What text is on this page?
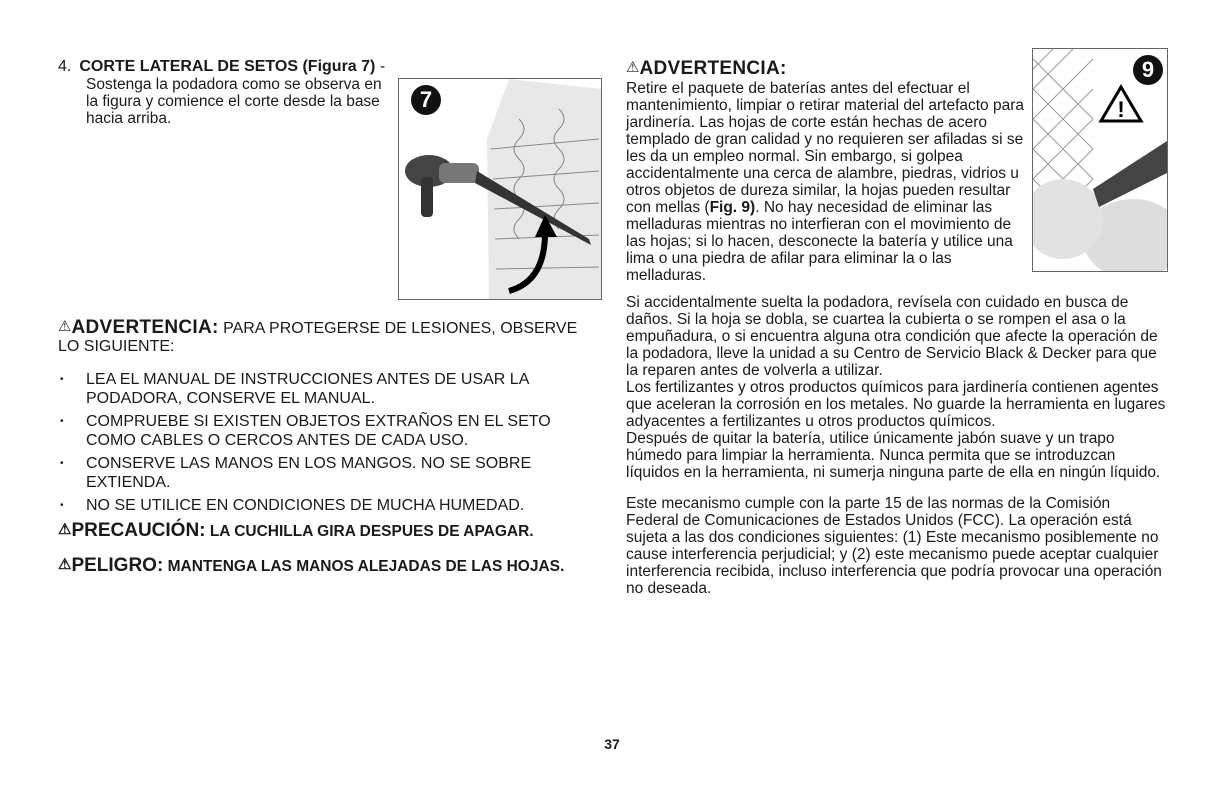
4. CORTE LATERAL DE SETOS (Figura 7) -

Sostenga la podadora como se observa en la figura y comience el corte desde la base hacia arriba.
7
⚠ADVERTENCIA: PARA PROTEGERSE DE LESIONES, OBSERVE LO SIGUIENTE:
• LEA EL MANUAL DE INSTRUCCIONES ANTES DE USAR LA PODADORA, CONSERVE EL MANUAL.
• COMPRUEBE SI EXISTEN OBJETOS EXTRAÑOS EN EL SETO COMO CABLES O CERCOS ANTES DE CADA USO.
• CONSERVE LAS MANOS EN LOS MANGOS. NO SE SOBRE EXTIENDA.
• NO SE UTILICE EN CONDICIONES DE MUCHA HUMEDAD.
⚠PRECAUCIÓN: LA CUCHILLA GIRA DESPUES DE APAGAR.
⚠PELIGRO: MANTENGA LAS MANOS ALEJADAS DE LAS HOJAS.
!
9
⚠ADVERTENCIA:

Retire el paquete de baterías antes del efectuar el mantenimiento, limpiar o retirar material del artefacto para jardinería. Las hojas de corte están hechas de acero templado de gran calidad y no requieren ser afiladas si se les da un empleo normal. Sin embargo, si golpea accidentalmente una cerca de alambre, piedras, vidrios u otros objetos de dureza similar, la hojas pueden resultar con mellas (Fig. 9). No hay necesidad de eliminar las melladuras mientras no interfieran con el movimiento de las hojas; si lo hacen, desconecte la batería y utilice una lima o una piedra de afilar para eliminar la o las melladuras.

Si accidentalmente suelta la podadora, revísela con cuidado en busca de daños. Si la hoja se dobla, se cuartea la cubierta o se rompen el asa o la empuñadura, o si encuentra alguna otra condición que afecte la operación de la podadora, lleve la unidad a su Centro de Servicio Black & Decker para que la reparen antes de volverla a utilizar.

Los fertilizantes y otros productos químicos para jardinería contienen agentes que aceleran la corrosión en los metales. No guarde la herramienta en lugares adyacentes a fertilizantes u otros productos químicos.

Después de quitar la batería, utilice únicamente jabón suave y un trapo húmedo para limpiar la herramienta. Nunca permita que se introduzcan líquidos en la herramienta, ni sumerja ninguna parte de ella en ningún líquido.

Este mecanismo cumple con la parte 15 de las normas de la Comisión Federal de Comunicaciones de Estados Unidos (FCC). La operación está sujeta a las dos condiciones siguientes: (1) Este mecanismo posiblemente no cause interferencia perjudicial; y (2) este mecanismo puede aceptar cualquier interferencia recibida, incluso interferencia que podría provocar una operación no deseada.

37
